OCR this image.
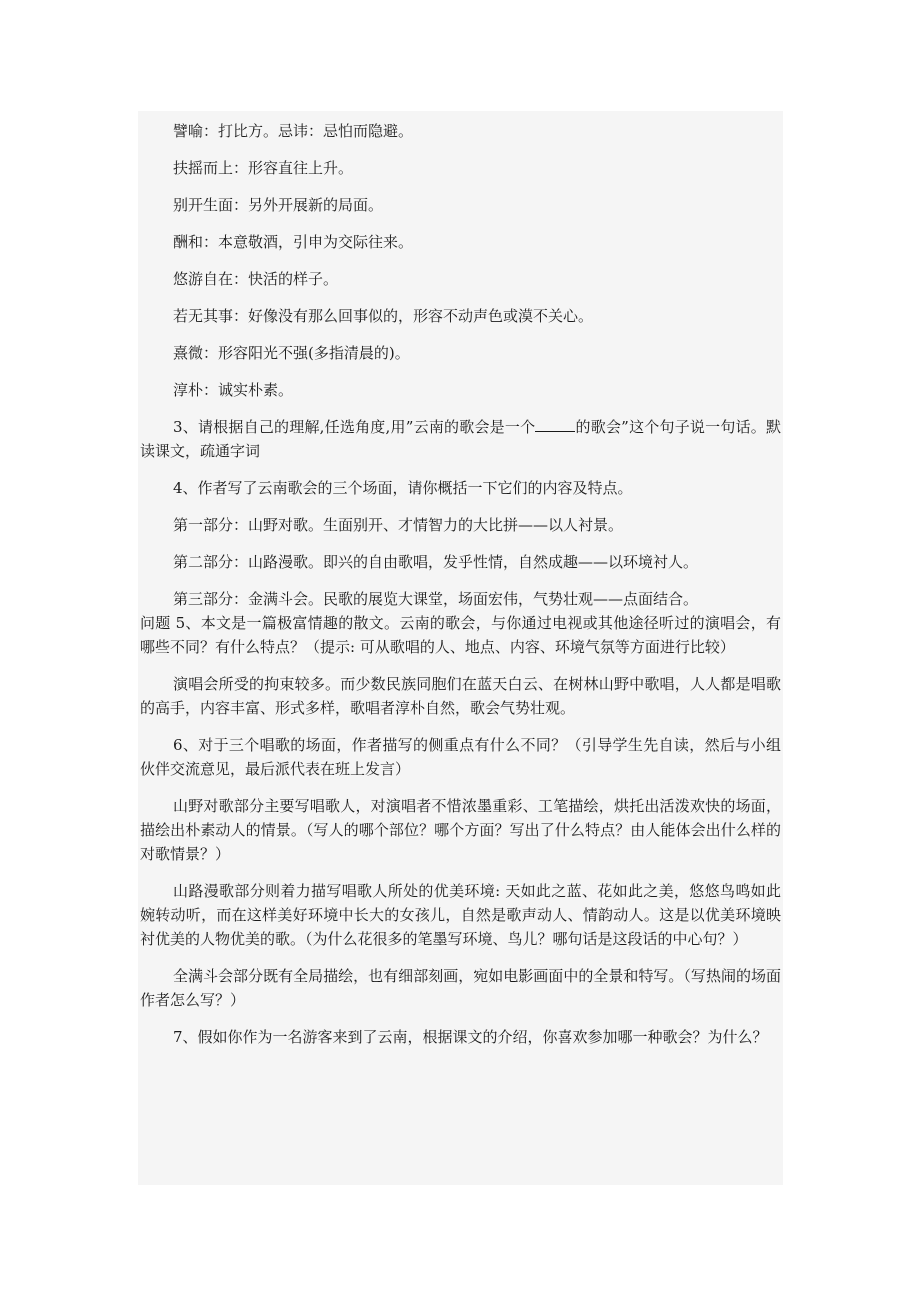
譬喻：打比方。忌讳：忌怕而隐避。

扶摇而上：形容直往上升。

别开生面：另外开展新的局面。

酬和：本意敬酒，引申为交际往来。

悠游自在：快活的样子。

若无其事：好像没有那么回事似的，形容不动声色或漠不关心。

熹微：形容阳光不强(多指清晨的)。

淳朴：诚实朴素。

3、请根据自己的理解,任选角度,用”云南的歌会是一个	的歌会”这个句子说一句话。默读课文，疏通字词

4、作者写了云南歌会的三个场面，请你概括一下它们的内容及特点。

第一部分：山野对歌。生面别开、才情智力的大比拼——以人衬景。

第二部分：山路漫歌。即兴的自由歌唱，发乎性情，自然成趣——以环境衬人。

第三部分：金满斗会。民歌的展览大课堂，场面宏伟，气势壮观——点面结合。

问题 5、本文是一篇极富情趣的散文。云南的歌会，与你通过电视或其他途径听过的演唱会，有哪些不同？有什么特点？（提示: 可从歌唱的人、地点、内容、环境气氛等方面进行比较）

演唱会所受的拘束较多。而少数民族同胞们在蓝天白云、在树林山野中歌唱，人人都是唱歌的高手，内容丰富、形式多样，歌唱者淳朴自然，歌会气势壮观。

6、对于三个唱歌的场面，作者描写的侧重点有什么不同？（引导学生先自读，然后与小组伙伴交流意见，最后派代表在班上发言）

山野对歌部分主要写唱歌人，对演唱者不惜浓墨重彩、工笔描绘，烘托出活泼欢快的场面，描绘出朴素动人的情景。（写人的哪个部位？哪个方面？写出了什么特点？由人能体会出什么样的对歌情景？）

山路漫歌部分则着力描写唱歌人所处的优美环境: 天如此之蓝、花如此之美，悠悠鸟鸣如此婉转动听，而在这样美好环境中长大的女孩儿，自然是歌声动人、情韵动人。这是以优美环境映衬优美的人物优美的歌。（为什么花很多的笔墨写环境、鸟儿？哪句话是这段话的中心句？）

全满斗会部分既有全局描绘，也有细部刻画，宛如电影画面中的全景和特写。（写热闹的场面作者怎么写？）

7、假如你作为一名游客来到了云南，根据课文的介绍，你喜欢参加哪一种歌会？为什么？
